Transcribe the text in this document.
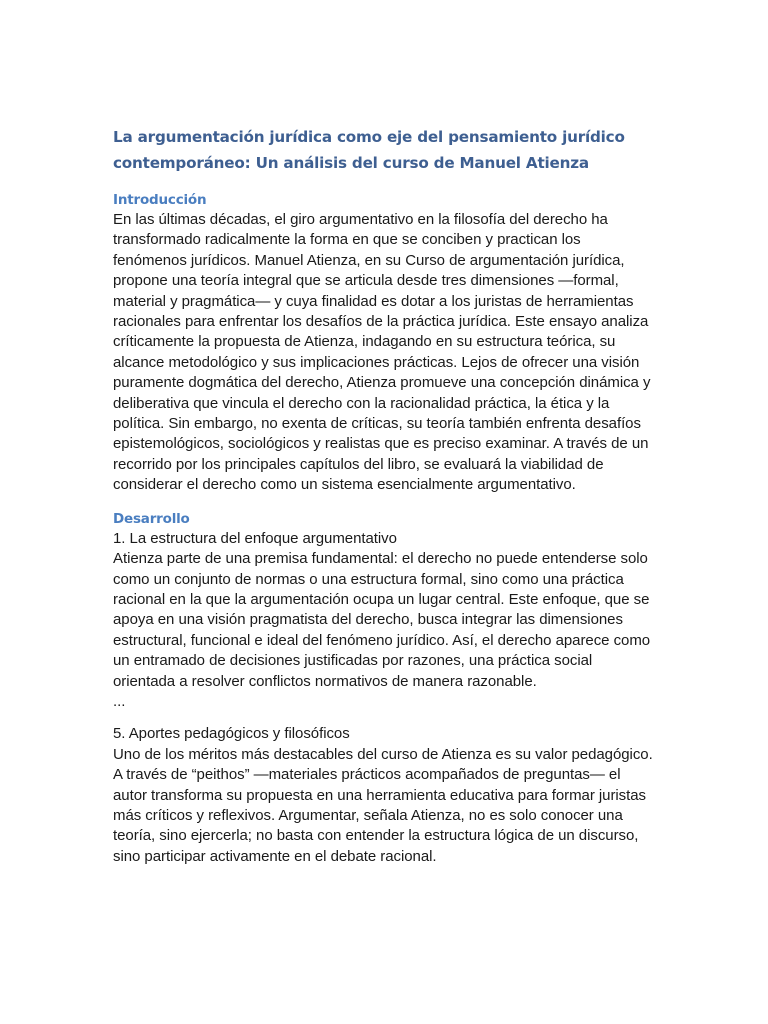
La argumentación jurídica como eje del pensamiento jurídico contemporáneo: Un análisis del curso de Manuel Atienza
Introducción

En las últimas décadas, el giro argumentativo en la filosofía del derecho ha transformado radicalmente la forma en que se conciben y practican los fenómenos jurídicos. Manuel Atienza, en su Curso de argumentación jurídica, propone una teoría integral que se articula desde tres dimensiones —formal, material y pragmática— y cuya finalidad es dotar a los juristas de herramientas racionales para enfrentar los desafíos de la práctica jurídica. Este ensayo analiza críticamente la propuesta de Atienza, indagando en su estructura teórica, su alcance metodológico y sus implicaciones prácticas. Lejos de ofrecer una visión puramente dogmática del derecho, Atienza promueve una concepción dinámica y deliberativa que vincula el derecho con la racionalidad práctica, la ética y la política. Sin embargo, no exenta de críticas, su teoría también enfrenta desafíos epistemológicos, sociológicos y realistas que es preciso examinar. A través de un recorrido por los principales capítulos del libro, se evaluará la viabilidad de considerar el derecho como un sistema esencialmente argumentativo.

Desarrollo

1. La estructura del enfoque argumentativo

Atienza parte de una premisa fundamental: el derecho no puede entenderse solo como un conjunto de normas o una estructura formal, sino como una práctica racional en la que la argumentación ocupa un lugar central. Este enfoque, que se apoya en una visión pragmatista del derecho, busca integrar las dimensiones estructural, funcional e ideal del fenómeno jurídico. Así, el derecho aparece como un entramado de decisiones justificadas por razones, una práctica social orientada a resolver conflictos normativos de manera razonable.

...

5. Aportes pedagógicos y filosóficos

Uno de los méritos más destacables del curso de Atienza es su valor pedagógico. A través de “peithos” —materiales prácticos acompañados de preguntas— el autor transforma su propuesta en una herramienta educativa para formar juristas más críticos y reflexivos. Argumentar, señala Atienza, no es solo conocer una teoría, sino ejercerla; no basta con entender la estructura lógica de un discurso, sino participar activamente en el debate racional.
